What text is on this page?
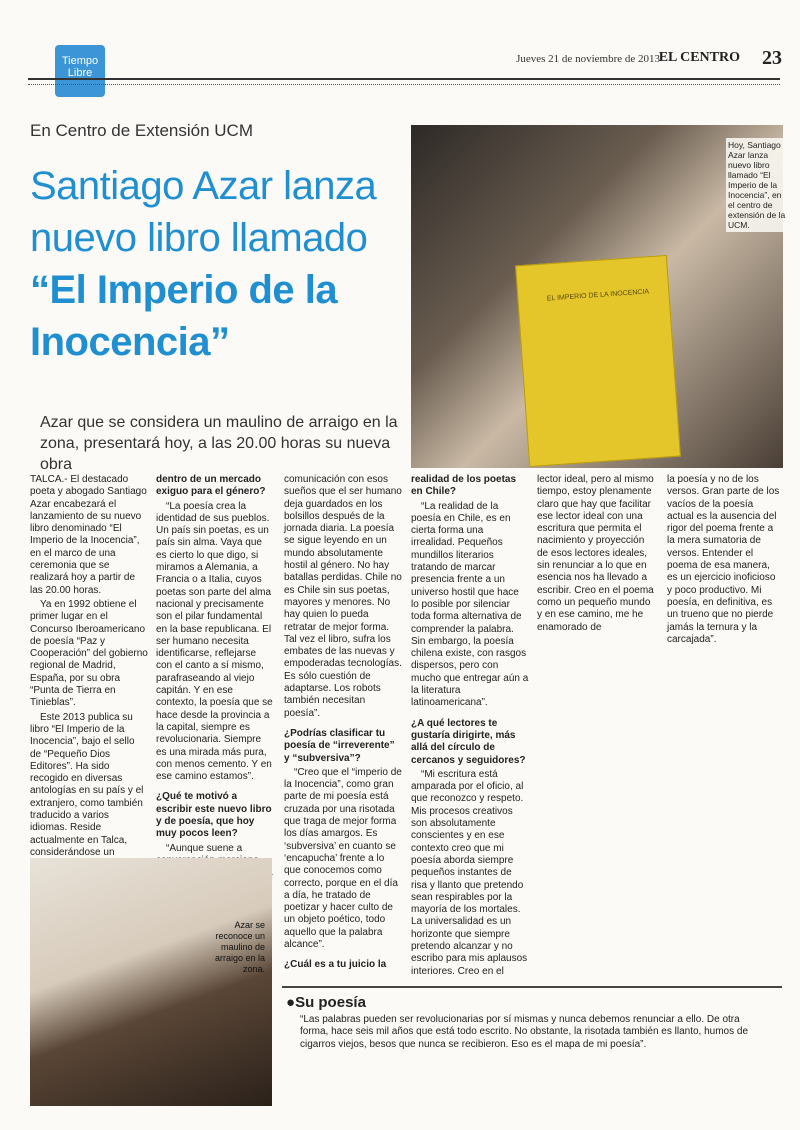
Tiempo
Libre
Jueves 21 de noviembre de 2013
EL CENTRO 23
En Centro de Extensión UCM
Santiago Azar lanza nuevo libro llamado “El Imperio de la Inocencia”
Azar que se considera un maulino de arraigo en la zona, presentará hoy, a las 20.00 horas su nueva obra
EL IMPERIO DE LA INOCENCIA
Hoy, Santiago Azar lanza nuevo libro llamado “El Imperio de la Inocencia”, en el centro de extensión de la UCM.

TALCA.- El destacado poeta y abogado Santiago Azar encabezará el lanzamiento de su nuevo libro denominado “El Imperio de la Inocencia”, en el marco de una ceremonia que se realizará hoy a partir de las 20.00 horas.

Ya en 1992 obtiene el primer lugar en el Concurso Iberoamericano de poesía “Paz y Cooperación” del gobierno regional de Madrid, España, por su obra “Punta de Tierra en Tinieblas”.

Este 2013 publica su libro “El Imperio de la Inocencia”, bajo el sello de “Pequeño Dios Editores”. Ha sido recogido en diversas antologías en su país y el extranjero, como también traducido a varios idiomas. Reside actualmente en Talca, considerándose un

dentro de un mercado exiguo para el género?

“La poesía crea la identidad de sus pueblos. Un país sin poetas, es un país sin alma. Vaya que es cierto lo que digo, si miramos a Alemania, a Francia o a Italia, cuyos poetas son parte del alma nacional y precisamente son el pilar fundamental en la base republicana. El ser humano necesita identificarse, reflejarse con el canto a sí mismo, parafraseando al viejo capitán. Y en ese contexto, la poesía que se hace desde la provincia a la capital, siempre es revolucionaria. Siempre es una mirada más pura, con menos cemento. Y en ese camino estamos”.

¿Qué te motivó a escribir este nuevo libro y de poesía, que hoy muy pocos leen?

“Aunque suene a

comunicación con esos sueños que el ser humano deja guardados en los bolsillos después de la jornada diaria. La poesía se sigue leyendo en un mundo absolutamente hostil al género. No hay batallas perdidas. Chile no es Chile sin sus poetas, mayores y menores. No hay quien lo pueda retratar de mejor forma. Tal vez el libro, sufra los embates de las nuevas y empoderadas tecnologías. Es sólo cuestión de adaptarse. Los robots también necesitan poesía”.

¿Podrías clasificar tu poesía de “irreverente” y “subversiva”?

“Creo que el “imperio de la Inocencia”, como gran parte de mi poesía está cruzada por una risotada que traga de mejor forma los días amargos. Es ‘subversiva’ en cuanto se ‘encapucha’ frente a lo que conocemos como correcto, porque en el día a día, he tratado de poetizar y hacer culto de un objeto poético, todo aquello que la palabra alcance”.

¿Cuál es a tu juicio la

realidad de los poetas en Chile?

“La realidad de la poesía en Chile, es en cierta forma una irrealidad. Pequeños mundillos literarios tratando de marcar presencia frente a un universo hostil que hace lo posible por silenciar toda forma alternativa de comprender la palabra. Sin embargo, la poesía chilena existe, con rasgos dispersos, pero con mucho que entregar aún a la literatura latinoamericana”.

¿A qué lectores te gustaría dirigirte, más allá del círculo de cercanos y seguidores?

“Mi escritura está amparada por el oficio, al que reconozco y respeto. Mis procesos creativos son absolutamente conscientes y en ese contexto creo que mi poesía aborda siempre pequeños instantes de risa y llanto que pretendo sean respirables por la mayoría de los mortales. La universalidad es un horizonte que siempre pretendo alcanzar y no escribo para mis aplausos interiores. Creo en el

lector ideal, pero al mismo tiempo, estoy plenamente claro que hay que facilitar ese lector ideal con una escritura que permita el nacimiento y proyección de esos lectores ideales, sin renunciar a lo que en esencia nos ha llevado a escribir. Creo en el poema como un pequeño mundo y en ese camino, me he enamorado de

la poesía y no de los versos. Gran parte de los vacíos de la poesía actual es la ausencia del rigor del poema frente a la mera sumatoria de versos. Entender el poema de esa manera, es un ejercicio inoficioso y poco productivo. Mi poesía, en definitiva, es un trueno que no pierde jamás la ternura y la carcajada”.

Azar se reconoce un maulino de arraigo en la zona.
●Su poesía
“Las palabras pueden ser revolucionarias por sí mismas y nunca debemos renunciar a ello. De otra forma, hace seis mil años que está todo escrito. No obstante, la risotada también es llanto, humos de cigarros viejos, besos que nunca se recibieron. Eso es el mapa de mi poesía”.
